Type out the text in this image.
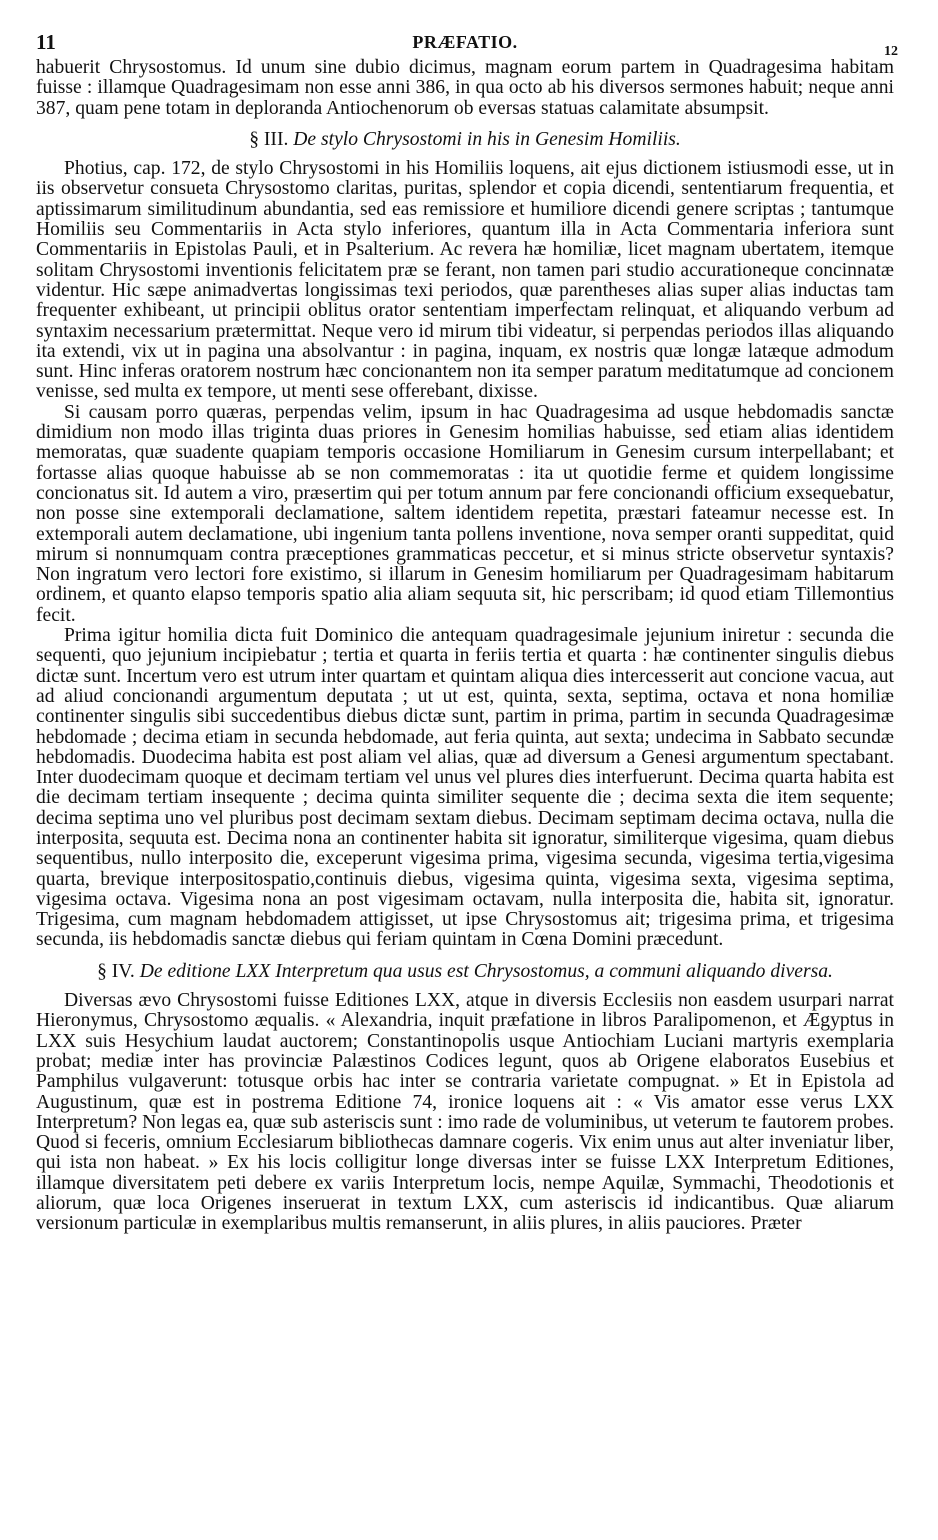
11	PRÆFATIO.	12

habuerit Chrysostomus. Id unum sine dubio dicimus, magnam eorum partem in Quadragesima habitam fuisse : illamque Quadragesimam non esse anni 386, in qua octo ab his diversos sermones habuit; neque anni 387, quam pene totam in deploranda Antiochenorum ob eversas statuas calamitate absumpsit.

§ III. De stylo Chrysostomi in his in Genesim Homiliis.

Photius, cap. 172, de stylo Chrysostomi in his Homiliis loquens, ait ejus dictionem istiusmodi esse, ut in iis observetur consueta Chrysostomo claritas, puritas, splendor et copia dicendi, sententiarum frequentia, et aptissimarum similitudinum abundantia, sed eas remissiore et humiliore dicendi genere scriptas ; tantumque Homiliis seu Commentariis in Acta stylo inferiores, quantum illa in Acta Commentaria inferiora sunt Commentariis in Epistolas Pauli, et in Psalterium. Ac revera hæ homiliæ, licet magnam ubertatem, itemque solitam Chrysostomi inventionis felicitatem præ se ferant, non tamen pari studio accurationeque concinnatæ videntur. Hic sæpe animadvertas longissimas texi periodos, quæ parentheses alias super alias inductas tam frequenter exhibeant, ut principii oblitus orator sententiam imperfectam relinquat, et aliquando verbum ad syntaxim necessarium prætermittat. Neque vero id mirum tibi videatur, si perpendas periodos illas aliquando ita extendi, vix ut in pagina una absolvantur : in pagina, inquam, ex nostris quæ longæ latæque admodum sunt. Hinc inferas oratorem nostrum hæc concionantem non ita semper paratum meditatumque ad concionem venisse, sed multa ex tempore, ut menti sese offerebant, dixisse.

Si causam porro quæras, perpendas velim, ipsum in hac Quadragesima ad usque hebdomadis sanctæ dimidium non modo illas triginta duas priores in Genesim homilias habuisse, sed etiam alias identidem memoratas, quæ suadente quapiam temporis occasione Homiliarum in Genesim cursum interpellabant; et fortasse alias quoque habuisse ab se non commemoratas : ita ut quotidie ferme et quidem longissime concionatus sit. Id autem a viro, præsertim qui per totum annum par fere concionandi officium exsequebatur, non posse sine extemporali declamatione, saltem identidem repetita, præstari fateamur necesse est. In extemporali autem declamatione, ubi ingenium tanta pollens inventione, nova semper oranti suppeditat, quid mirum si nonnumquam contra præceptiones grammaticas peccetur, et si minus stricte observetur syntaxis? Non ingratum vero lectori fore existimo, si illarum in Genesim homiliarum per Quadragesimam habitarum ordinem, et quanto elapso temporis spatio alia aliam sequuta sit, hic perscribam; id quod etiam Tillemontius fecit.

Prima igitur homilia dicta fuit Dominico die antequam quadragesimale jejunium iniretur : secunda die sequenti, quo jejunium incipiebatur ; tertia et quarta in feriis tertia et quarta : hæ continenter singulis diebus dictæ sunt. Incertum vero est utrum inter quartam et quintam aliqua dies intercesserit aut concione vacua, aut ad aliud concionandi argumentum deputata ; ut ut est, quinta, sexta, septima, octava et nona homiliæ continenter singulis sibi succedentibus diebus dictæ sunt, partim in prima, partim in secunda Quadragesimæ hebdomade ; decima etiam in secunda hebdomade, aut feria quinta, aut sexta; undecima in Sabbato secundæ hebdomadis. Duodecima habita est post aliam vel alias, quæ ad diversum a Genesi argumentum spectabant. Inter duodecimam quoque et decimam tertiam vel unus vel plures dies interfuerunt. Decima quarta habita est die decimam tertiam insequente ; decima quinta similiter sequente die ; decima sexta die item sequente; decima septima uno vel pluribus post decimam sextam diebus. Decimam septimam decima octava, nulla die interposita, sequuta est. Decima nona an continenter habita sit ignoratur, similiterque vigesima, quam diebus sequentibus, nullo interposito die, exceperunt vigesima prima, vigesima secunda, vigesima tertia,vigesima quarta, brevique interpositospatio,continuis diebus, vigesima quinta, vigesima sexta, vigesima septima, vigesima octava. Vigesima nona an post vigesimam octavam, nulla interposita die, habita sit, ignoratur. Trigesima, cum magnam hebdomadem attigisset, ut ipse Chrysostomus ait; trigesima prima, et trigesima secunda, iis hebdomadis sanctæ diebus qui feriam quintam in Cœna Domini præcedunt.

§ IV. De editione LXX Interpretum qua usus est Chrysostomus, a communi aliquando diversa.

Diversas ævo Chrysostomi fuisse Editiones LXX, atque in diversis Ecclesiis non easdem usurpari narrat Hieronymus, Chrysostomo æqualis. « Alexandria, inquit præfatione in libros Paralipomenon, et Ægyptus in LXX suis Hesychium laudat auctorem; Constantinopolis usque Antiochiam Luciani martyris exemplaria probat; mediæ inter has provinciæ Palæstinos Codices legunt, quos ab Origene elaboratos Eusebius et Pamphilus vulgaverunt: totusque orbis hac inter se contraria varietate compugnat. » Et in Epistola ad Augustinum, quæ est in postrema Editione 74, ironice loquens ait : « Vis amator esse verus LXX Interpretum? Non legas ea, quæ sub asteriscis sunt : imo rade de voluminibus, ut veterum te fautorem probes. Quod si feceris, omnium Ecclesiarum bibliothecas damnare cogeris. Vix enim unus aut alter inveniatur liber, qui ista non habeat. » Ex his locis colligitur longe diversas inter se fuisse LXX Interpretum Editiones, illamque diversitatem peti debere ex variis Interpretum locis, nempe Aquilæ, Symmachi, Theodotionis et aliorum, quæ loca Origenes inseruerat in textum LXX, cum asteriscis id indicantibus. Quæ aliarum versionum particulæ in exemplaribus multis remanserunt, in aliis plures, in aliis pauciores. Præter
